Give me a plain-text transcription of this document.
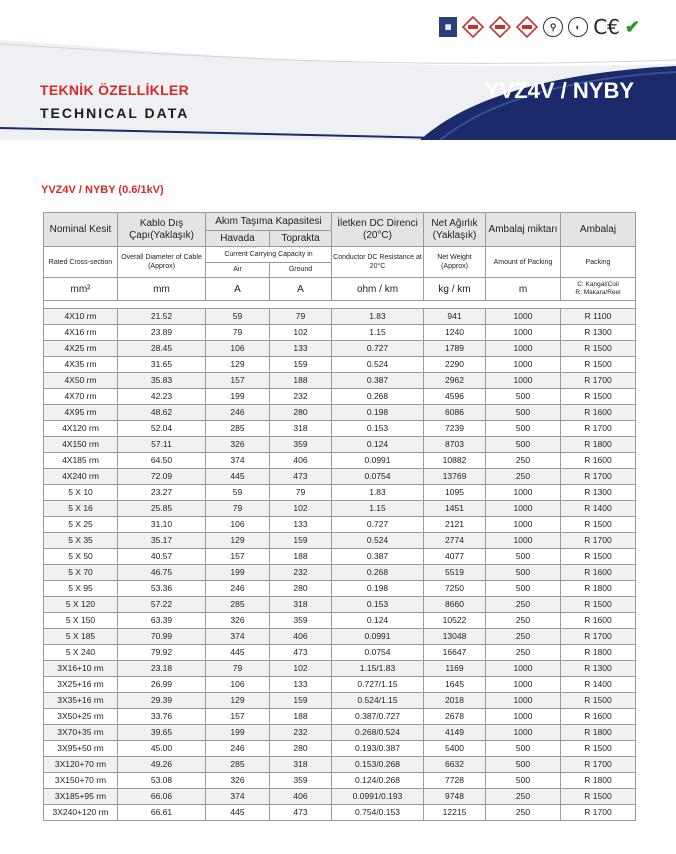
▦	⚲	◐ C€ ✔
TEKNİK ÖZELLİKLER
TECHNICAL DATA
YVZ4V / NYBY
YVZ4V / NYBY (0.6/1kV)
Nominal Kesit	Kablo Dış Çapı(Yaklaşık)	Akım Taşıma Kapasitesi		İletken DC Direnci (20°C)	Net Ağırlık (Yaklaşık)	Ambalaj miktarı	Ambalaj
		Havada	Toprakta				
Rated Cross-section	Overall Diameter of Cable (Approx)	Current Carrying Capacity in		Conductor DC Resistance at 20°C	Net Weight (Approx)	Amount of Packing	Packing
		Air	Ground				
mm²	mm	A	A	ohm / km	kg / km	m	C: Kangal/Coil
R: Makara/Reel

4X10 rm	21.52	59	79	1.83	941	1000	R 1100
4X16 rm	23.89	79	102	1.15	1240	1000	R 1300
4X25 rm	28.45	106	133	0.727	1789	1000	R 1500
4X35 rm	31.65	129	159	0.524	2290	1000	R 1500
4X50 rm	35.83	157	188	0.387	2962	1000	R 1700
4X70 rm	42.23	199	232	0.268	4596	500	R 1500
4X95 rm	48.62	246	280	0.198	6086	500	R 1600
4X120 rm	52.04	285	318	0.153	7239	500	R 1700
4X150 rm	57.11	326	359	0.124	8703	500	R 1800
4X185 rm	64.50	374	406	0.0991	10882	250	R 1600
4X240 rm	72.09	445	473	0.0754	13769	250	R 1700
5 X 10	23.27	59	79	1.83	1095	1000	R 1300
5 X 16	25.85	79	102	1.15	1451	1000	R 1400
5 X 25	31.10	106	133	0.727	2121	1000	R 1500
5 X 35	35.17	129	159	0.524	2774	1000	R 1700
5 X 50	40.57	157	188	0.387	4077	500	R 1500
5 X 70	46.75	199	232	0.268	5519	500	R 1600
5 X 95	53.36	246	280	0.198	7250	500	R 1800
5 X 120	57.22	285	318	0.153	8660	250	R 1500
5 X 150	63.39	326	359	0.124	10522	250	R 1600
5 X 185	70.99	374	406	0.0991	13048	250	R 1700
5 X 240	79.92	445	473	0.0754	16647	250	R 1800
3X16+10 rm	23.18	79	102	1.15/1.83	1169	1000	R 1300
3X25+16 rm	26.99	106	133	0.727/1.15	1645	1000	R 1400
3X35+16 rm	29.39	129	159	0.524/1.15	2018	1000	R 1500
3X50+25 rm	33.76	157	188	0.387/0.727	2678	1000	R 1600
3X70+35 rm	39.65	199	232	0.268/0.524	4149	1000	R 1800
3X95+50 rm	45.00	246	280	0.193/0.387	5400	500	R 1500
3X120+70 rm	49.26	285	318	0.153/0.268	6632	500	R 1700
3X150+70 rm	53.08	326	359	0.124/0.268	7728	500	R 1800
3X185+95 rm	66.06	374	406	0.0991/0.193	9748	250	R 1500
3X240+120 rm	66.61	445	473	0.754/0.153	12215	250	R 1700
